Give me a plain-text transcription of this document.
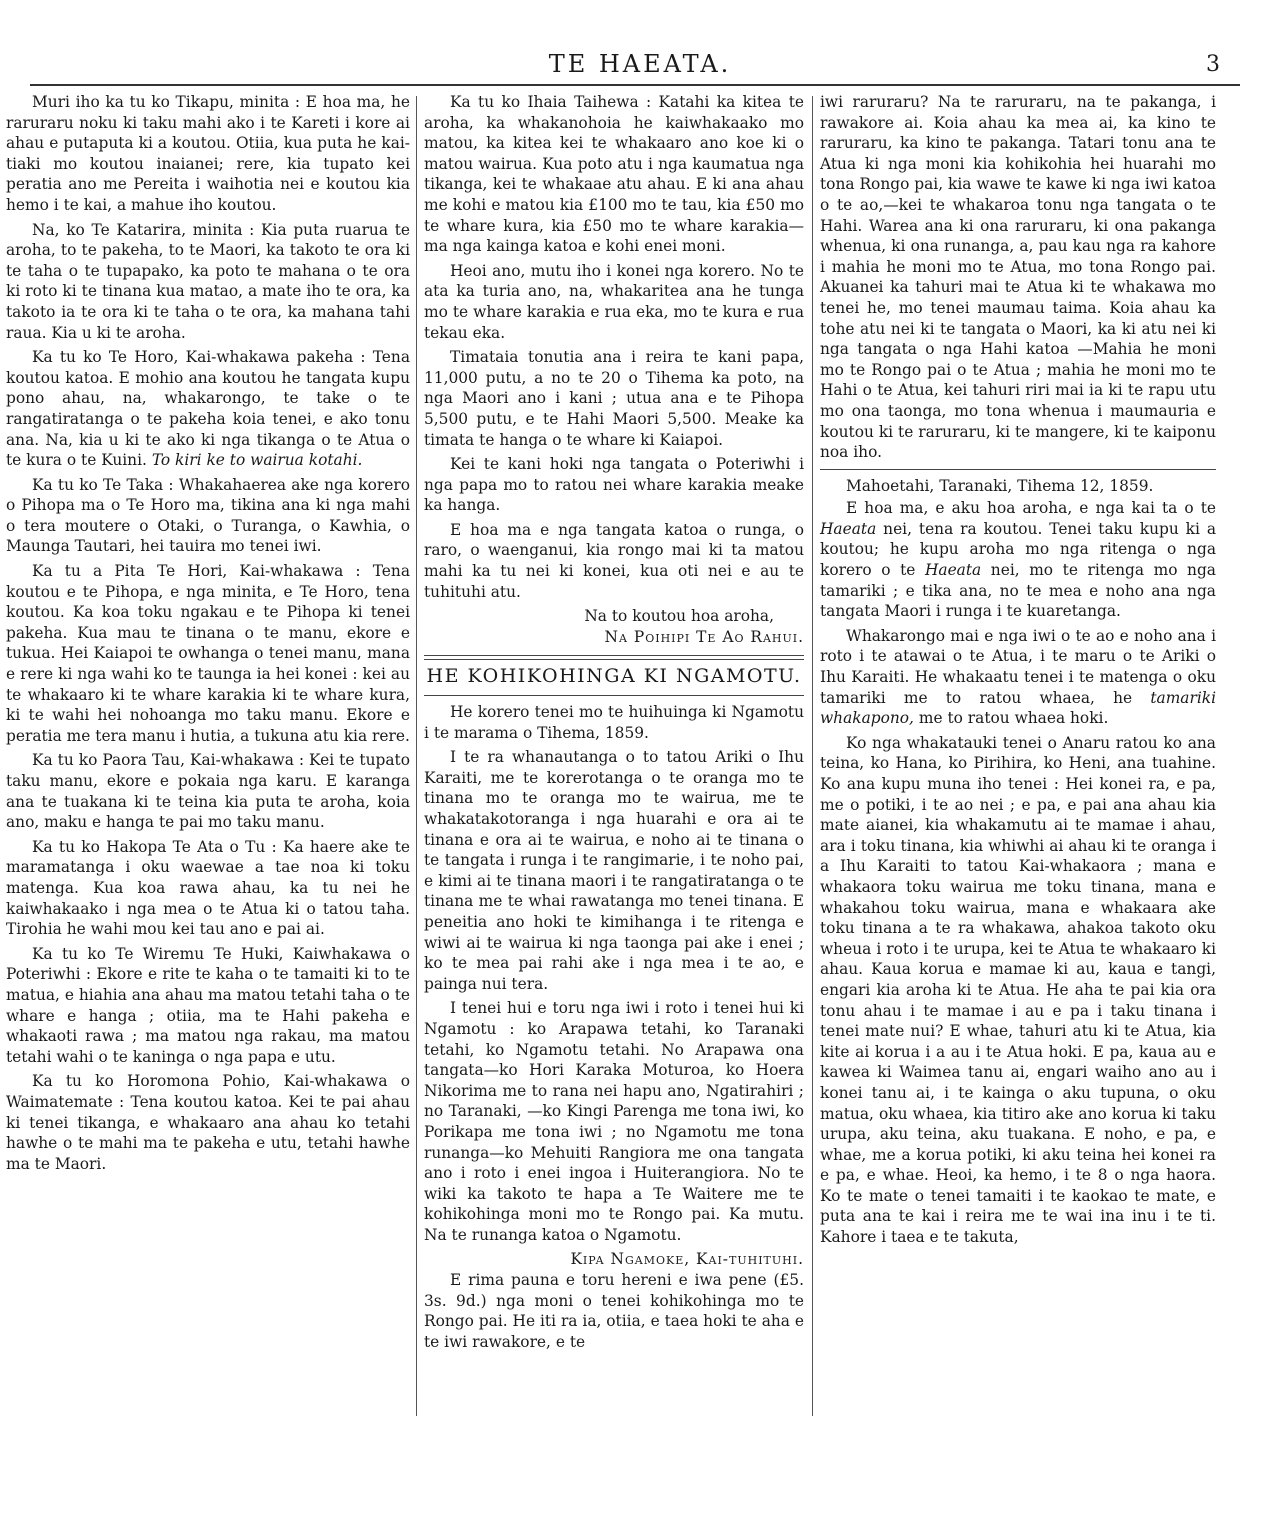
TE HAEATA.	3

Muri iho ka tu ko Tikapu, minita : E hoa ma, he raruraru noku ki taku mahi ako i te Kareti i kore ai ahau e putaputa ki a koutou. Otiia, kua puta he kai-tiaki mo koutou inaianei; rere, kia tupato kei peratia ano me Pereita i waihotia nei e koutou kia hemo i te kai, a mahue iho koutou.

Na, ko Te Katarira, minita : Kia puta ruarua te aroha, to te pakeha, to te Maori, ka takoto te ora ki te taha o te tupapako, ka poto te mahana o te ora ki roto ki te tinana kua matao, a mate iho te ora, ka takoto ia te ora ki te taha o te ora, ka mahana tahi raua. Kia u ki te aroha.

Ka tu ko Te Horo, Kai-whakawa pakeha : Tena koutou katoa. E mohio ana koutou he tangata kupu pono ahau, na, whakarongo, te take o te rangatiratanga o te pakeha koia tenei, e ako tonu ana. Na, kia u ki te ako ki nga tikanga o te Atua o te kura o te Kuini. To kiri ke to wairua kotahi.

Ka tu ko Te Taka : Whakahaerea ake nga korero o Pihopa ma o Te Horo ma, tikina ana ki nga mahi o tera moutere o Otaki, o Turanga, o Kawhia, o Maunga Tautari, hei tauira mo tenei iwi.

Ka tu a Pita Te Hori, Kai-whakawa : Tena koutou e te Pihopa, e nga minita, e Te Horo, tena koutou. Ka koa toku ngakau e te Pihopa ki tenei pakeha. Kua mau te tinana o te manu, ekore e tukua. Hei Kaiapoi te owhanga o tenei manu, mana e rere ki nga wahi ko te taunga ia hei konei : kei au te whakaaro ki te whare karakia ki te whare kura, ki te wahi hei nohoanga mo taku manu. Ekore e peratia me tera manu i hutia, a tukuna atu kia rere.

Ka tu ko Paora Tau, Kai-whakawa : Kei te tupato taku manu, ekore e pokaia nga karu. E karanga ana te tuakana ki te teina kia puta te aroha, koia ano, maku e hanga te pai mo taku manu.

Ka tu ko Hakopa Te Ata o Tu : Ka haere ake te maramatanga i oku waewae a tae noa ki toku matenga. Kua koa rawa ahau, ka tu nei he kaiwhakaako i nga mea o te Atua ki o tatou taha. Tirohia he wahi mou kei tau ano e pai ai.

Ka tu ko Te Wiremu Te Huki, Kaiwhakawa o Poteriwhi : Ekore e rite te kaha o te tamaiti ki to te matua, e hiahia ana ahau ma matou tetahi taha o te whare e hanga ; otiia, ma te Hahi pakeha e whakaoti rawa ; ma matou nga rakau, ma matou tetahi wahi o te kaninga o nga papa e utu.

Ka tu ko Horomona Pohio, Kai-whakawa o Waimatemate : Tena koutou katoa. Kei te pai ahau ki tenei tikanga, e whakaaro ana ahau ko tetahi hawhe o te mahi ma te pakeha e utu, tetahi hawhe ma te Maori.

Ka tu ko Ihaia Taihewa : Katahi ka kitea te aroha, ka whakanohoia he kaiwhakaako mo matou, ka kitea kei te whakaaro ano koe ki o matou wairua. Kua poto atu i nga kaumatua nga tikanga, kei te whakaae atu ahau. E ki ana ahau me kohi e matou kia £100 mo te tau, kia £50 mo te whare kura, kia £50 mo te whare karakia—ma nga kainga katoa e kohi enei moni.

Heoi ano, mutu iho i konei nga korero. No te ata ka turia ano, na, whakaritea ana he tunga mo te whare karakia e rua eka, mo te kura e rua tekau eka.

Timataia tonutia ana i reira te kani papa, 11,000 putu, a no te 20 o Tihema ka poto, na nga Maori ano i kani ; utua ana e te Pihopa 5,500 putu, e te Hahi Maori 5,500. Meake ka timata te hanga o te whare ki Kaiapoi.

Kei te kani hoki nga tangata o Poteriwhi i nga papa mo to ratou nei whare karakia meake ka hanga.

E hoa ma e nga tangata katoa o runga, o raro, o waenganui, kia rongo mai ki ta matou mahi ka tu nei ki konei, kua oti nei e au te tuhituhi atu.

Na to koutou hoa aroha,

Na Poihipi Te Ao Rahui.

HE KOHIKOHINGA KI NGAMOTU.

He korero tenei mo te huihuinga ki Ngamotu i te marama o Tihema, 1859.

I te ra whanautanga o to tatou Ariki o Ihu Karaiti, me te korerotanga o te oranga mo te tinana mo te oranga mo te wairua, me te whakatakotoranga i nga huarahi e ora ai te tinana e ora ai te wairua, e noho ai te tinana o te tangata i runga i te rangimarie, i te noho pai, e kimi ai te tinana maori i te rangatiratanga o te tinana me te whai rawatanga mo tenei tinana. E peneitia ano hoki te kimihanga i te ritenga e wiwi ai te wairua ki nga taonga pai ake i enei ; ko te mea pai rahi ake i nga mea i te ao, e painga nui tera.

I tenei hui e toru nga iwi i roto i tenei hui ki Ngamotu : ko Arapawa tetahi, ko Taranaki tetahi, ko Ngamotu tetahi. No Arapawa ona tangata—ko Hori Karaka Moturoa, ko Hoera Nikorima me to rana nei hapu ano, Ngatirahiri ; no Taranaki, —ko Kingi Parenga me tona iwi, ko Porikapa me tona iwi ; no Ngamotu me tona runanga—ko Mehuiti Rangiora me ona tangata ano i roto i enei ingoa i Huiterangiora. No te wiki ka takoto te hapa a Te Waitere me te kohikohinga moni mo te Rongo pai. Ka mutu. Na te runanga katoa o Ngamotu.

Kipa Ngamoke, Kai-tuhituhi.

E rima pauna e toru hereni e iwa pene (£5. 3s. 9d.) nga moni o tenei kohikohinga mo te Rongo pai. He iti ra ia, otiia, e taea hoki te aha e te iwi rawakore, e te

iwi raruraru? Na te raruraru, na te pakanga, i rawakore ai. Koia ahau ka mea ai, ka kino te raruraru, ka kino te pakanga. Tatari tonu ana te Atua ki nga moni kia kohikohia hei huarahi mo tona Rongo pai, kia wawe te kawe ki nga iwi katoa o te ao,—kei te whakaroa tonu nga tangata o te Hahi. Warea ana ki ona raruraru, ki ona pakanga whenua, ki ona runanga, a, pau kau nga ra kahore i mahia he moni mo te Atua, mo tona Rongo pai. Akuanei ka tahuri mai te Atua ki te whakawa mo tenei he, mo tenei maumau taima. Koia ahau ka tohe atu nei ki te tangata o Maori, ka ki atu nei ki nga tangata o nga Hahi katoa —Mahia he moni mo te Rongo pai o te Atua ; mahia he moni mo te Hahi o te Atua, kei tahuri riri mai ia ki te rapu utu mo ona taonga, mo tona whenua i maumauria e koutou ki te raruraru, ki te mangere, ki te kaiponu noa iho.

Mahoetahi, Taranaki, Tihema 12, 1859.

E hoa ma, e aku hoa aroha, e nga kai ta o te Haeata nei, tena ra koutou. Tenei taku kupu ki a koutou; he kupu aroha mo nga ritenga o nga korero o te Haeata nei, mo te ritenga mo nga tamariki ; e tika ana, no te mea e noho ana nga tangata Maori i runga i te kuaretanga.

Whakarongo mai e nga iwi o te ao e noho ana i roto i te atawai o te Atua, i te maru o te Ariki o Ihu Karaiti. He whakaatu tenei i te matenga o oku tamariki me to ratou whaea, he tamariki whakapono, me to ratou whaea hoki.

Ko nga whakatauki tenei o Anaru ratou ko ana teina, ko Hana, ko Pirihira, ko Heni, ana tuahine. Ko ana kupu muna iho tenei : Hei konei ra, e pa, me o potiki, i te ao nei ; e pa, e pai ana ahau kia mate aianei, kia whakamutu ai te mamae i ahau, ara i toku tinana, kia whiwhi ai ahau ki te oranga i a Ihu Karaiti to tatou Kai-whakaora ; mana e whakaora toku wairua me toku tinana, mana e whakahou toku wairua, mana e whakaara ake toku tinana a te ra whakawa, ahakoa takoto oku wheua i roto i te urupa, kei te Atua te whakaaro ki ahau. Kaua korua e mamae ki au, kaua e tangi, engari kia aroha ki te Atua. He aha te pai kia ora tonu ahau i te mamae i au e pa i taku tinana i tenei mate nui? E whae, tahuri atu ki te Atua, kia kite ai korua i a au i te Atua hoki. E pa, kaua au e kawea ki Waimea tanu ai, engari waiho ano au i konei tanu ai, i te kainga o aku tupuna, o oku matua, oku whaea, kia titiro ake ano korua ki taku urupa, aku teina, aku tuakana. E noho, e pa, e whae, me a korua potiki, ki aku teina hei konei ra e pa, e whae. Heoi, ka hemo, i te 8 o nga haora. Ko te mate o tenei tamaiti i te kaokao te mate, e puta ana te kai i reira me te wai ina inu i te ti. Kahore i taea e te takuta,
